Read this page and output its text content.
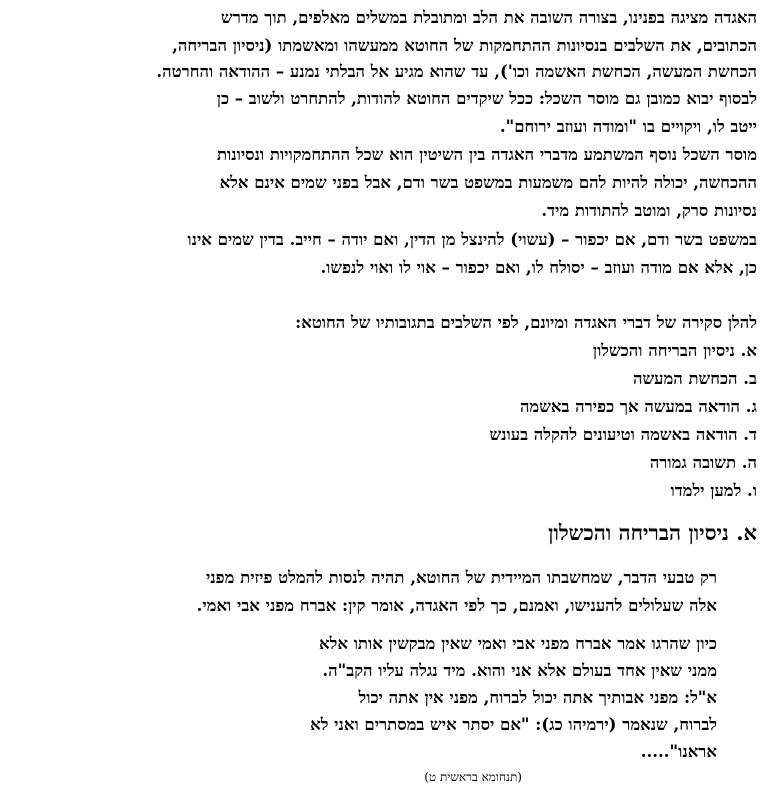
האגדה מציגה בפנינו, בצורה השובה את הלב ומתובלת במשלים מאלפים, תוך מדרש
הכתובים, את השלבים בנסיונות ההתחמקות של החוטא ממעשהו ומאשמתו (ניסיון הבריחה,
הכחשת המעשה, הכחשת האשמה וכו'), עד שהוא מגיע אל הבלתי נמנע – ההודאה והחרטה.
לבסוף יבוא כמובן גם מוסר השכל: ככל שיקדים החוטא להודות, להתחרט ולשוב – כן
ייטב לו, ויקויים בו "ומודה ועוזב ירוחם".
מוסר השכל נוסף המשתמע מדברי האגדה בין השיטין הוא שכל ההתחמקויות ונסיונות
ההכחשה, יכולה להיות להם משמעות במשפט בשר ודם, אבל בפני שמים אינם אלא
נסיונות סרק, ומוטב להתודות מיד.
במשפט בשר ודם, אם יכפור – (עשוי) להינצל מן הדין, ואם יודה – חייב. בדין שמים אינו
כן, אלא אם מודה ועוזב – יסולח לו, ואם יכפור – אוי לו ואוי לנפשו.
להלן סקירה של דברי האגדה ומיונם, לפי השלבים בתגובותיו של החוטא:
א. ניסיון הבריחה והכשלון
ב. הכחשת המעשה
ג. הודאה במעשה אך כפירה באשמה
ד. הודאה באשמה וטיעונים להקלה בעונש
ה. תשובה גמורה
ו. למען ילמדו
א. ניסיון הבריחה והכשלון
רק טבעי הדבר, שמחשבתו המיידית של החוטא, תהיה לנסות להמלט פיזית מפני
אלה שעלולים להענישו, ואמנם, כך לפי האגדה, אומר קין: אברח מפני אבי ואמי.
כיון שהרגו אמר אברח מפני אבי ואמי שאין מבקשין אותו אלא
ממני שאין אחד בעולם אלא אני והוא. מיד נגלה עליו הקב"ה.
א"ל: מפני אבותיך אתה יכול לברוח, מפני אין אתה יכול
לברוח, שנאמר (ירמיהו כג): "אם יסתר איש במסתרים ואני לא
אראנו".....
(תנחומא בראשית ט)
